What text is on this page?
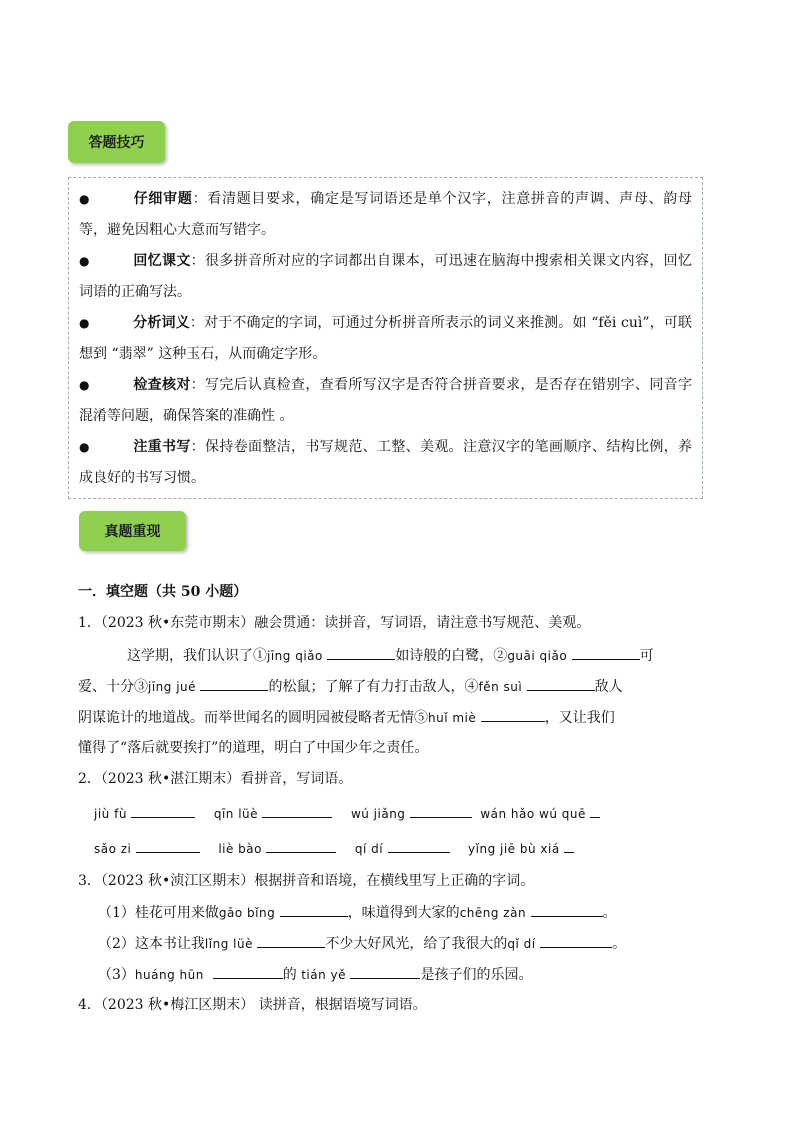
答题技巧
●	仔细审题：看清题目要求，确定是写词语还是单个汉字，注意拼音的声调、声母、韵母等，避免因粗心大意而写错字。
●	回忆课文：很多拼音所对应的字词都出自课本，可迅速在脑海中搜索相关课文内容，回忆词语的正确写法。
●	分析词义：对于不确定的字词，可通过分析拼音所表示的词义来推测。如 “fěi cuì”，可联想到 “翡翠” 这种玉石，从而确定字形。
●	检查核对：写完后认真检查，查看所写汉字是否符合拼音要求，是否存在错别字、同音字混淆等问题，确保答案的准确性 。
●	注重书写：保持卷面整洁，书写规范、工整、美观。注意汉字的笔画顺序、结构比例，养成良好的书写习惯。
真题重现
一．填空题（共 50 小题）
1．（2023 秋•东莞市期末）融会贯通：读拼音，写词语，请注意书写规范、美观。
这学期，我们认识了①jīng qiǎo	如诗般的白鹭，②guāi qiǎo	可
爱、十分③jīng jué	的松鼠；了解了有力打击敌人，④fěn suì	敌人
阴谋诡计的地道战。而举世闻名的圆明园被侵略者无情⑤huǐ miè	，又让我们
懂得了“落后就要挨打”的道理，明白了中国少年之责任。
2．（2023 秋•湛江期末）看拼音，写词语。
jiù fù	qīn lüè	wú jiǎng	wán hǎo wú quē
sǎo zi	liè bào	qí dí	yǐng jiē bù xiá
3．（2023 秋•浈江区期末）根据拼音和语境，在横线里写上正确的字词。
（1）桂花可用来做gāo bǐng	，味道得到大家的chēng zàn	。
（2）这本书让我lǐng lüè	不少大好风光，给了我很大的qǐ dí	。
（3）huáng hūn	的 tián yě	是孩子们的乐园。
4．（2023 秋•梅江区期末） 读拼音，根据语境写词语。
